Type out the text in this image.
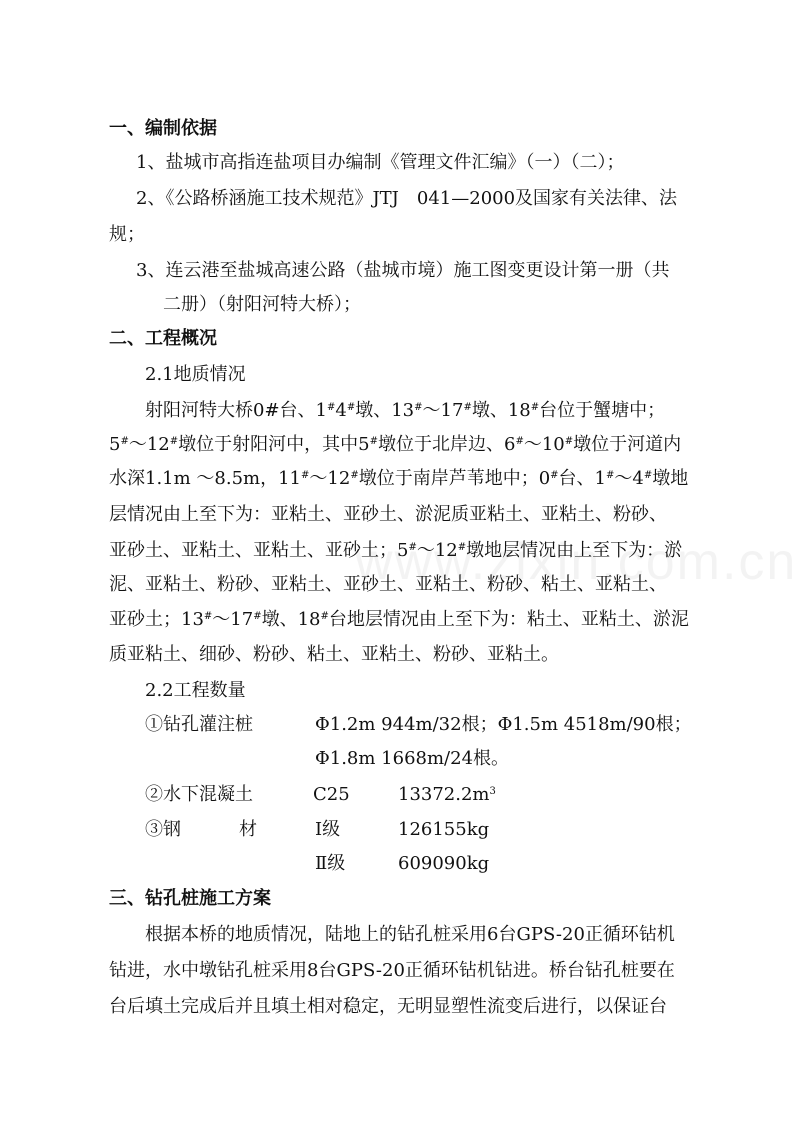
一、编制依据
1、盐城市高指连盐项目办编制《管理文件汇编》（一）（二）；
2、《公路桥涵施工技术规范》JTJ　041—2000及国家有关法律、法
规；
3、连云港至盐城高速公路（盐城市境）施工图变更设计第一册（共
二册）（射阳河特大桥）；
二、工程概况
2.1地质情况
射阳河特大桥0#台、1#4#墩、13#～17#墩、18#台位于蟹塘中；
5#～12#墩位于射阳河中，其中5#墩位于北岸边、6#～10#墩位于河道内
水深1.1m ～8.5m，11#～12#墩位于南岸芦苇地中；0#台、1#～4#墩地
层情况由上至下为：亚粘土、亚砂土、淤泥质亚粘土、亚粘土、粉砂、
亚砂土、亚粘土、亚粘土、亚砂土；5#～12#墩地层情况由上至下为：淤
泥、亚粘土、粉砂、亚粘土、亚砂土、亚粘土、粉砂、粘土、亚粘土、
亚砂土；13#～17#墩、18#台地层情况由上至下为：粘土、亚粘土、淤泥
质亚粘土、细砂、粉砂、粘土、亚粘土、粉砂、亚粘土。
2.2工程数量
①钻孔灌注桩	Φ1.2m 944m/32根；Φ1.5m 4518m/90根；
Φ1.8m 1668m/24根。
②水下混凝土	C25	$13372.2m^3$
③钢	材	Ⅰ级	126155kg
Ⅱ级	609090kg
三、钻孔桩施工方案
根据本桥的地质情况，陆地上的钻孔桩采用6台GPS-20正循环钻机
钻进，水中墩钻孔桩采用8台GPS-20正循环钻机钻进。桥台钻孔桩要在
台后填土完成后并且填土相对稳定，无明显塑性流变后进行，以保证台
